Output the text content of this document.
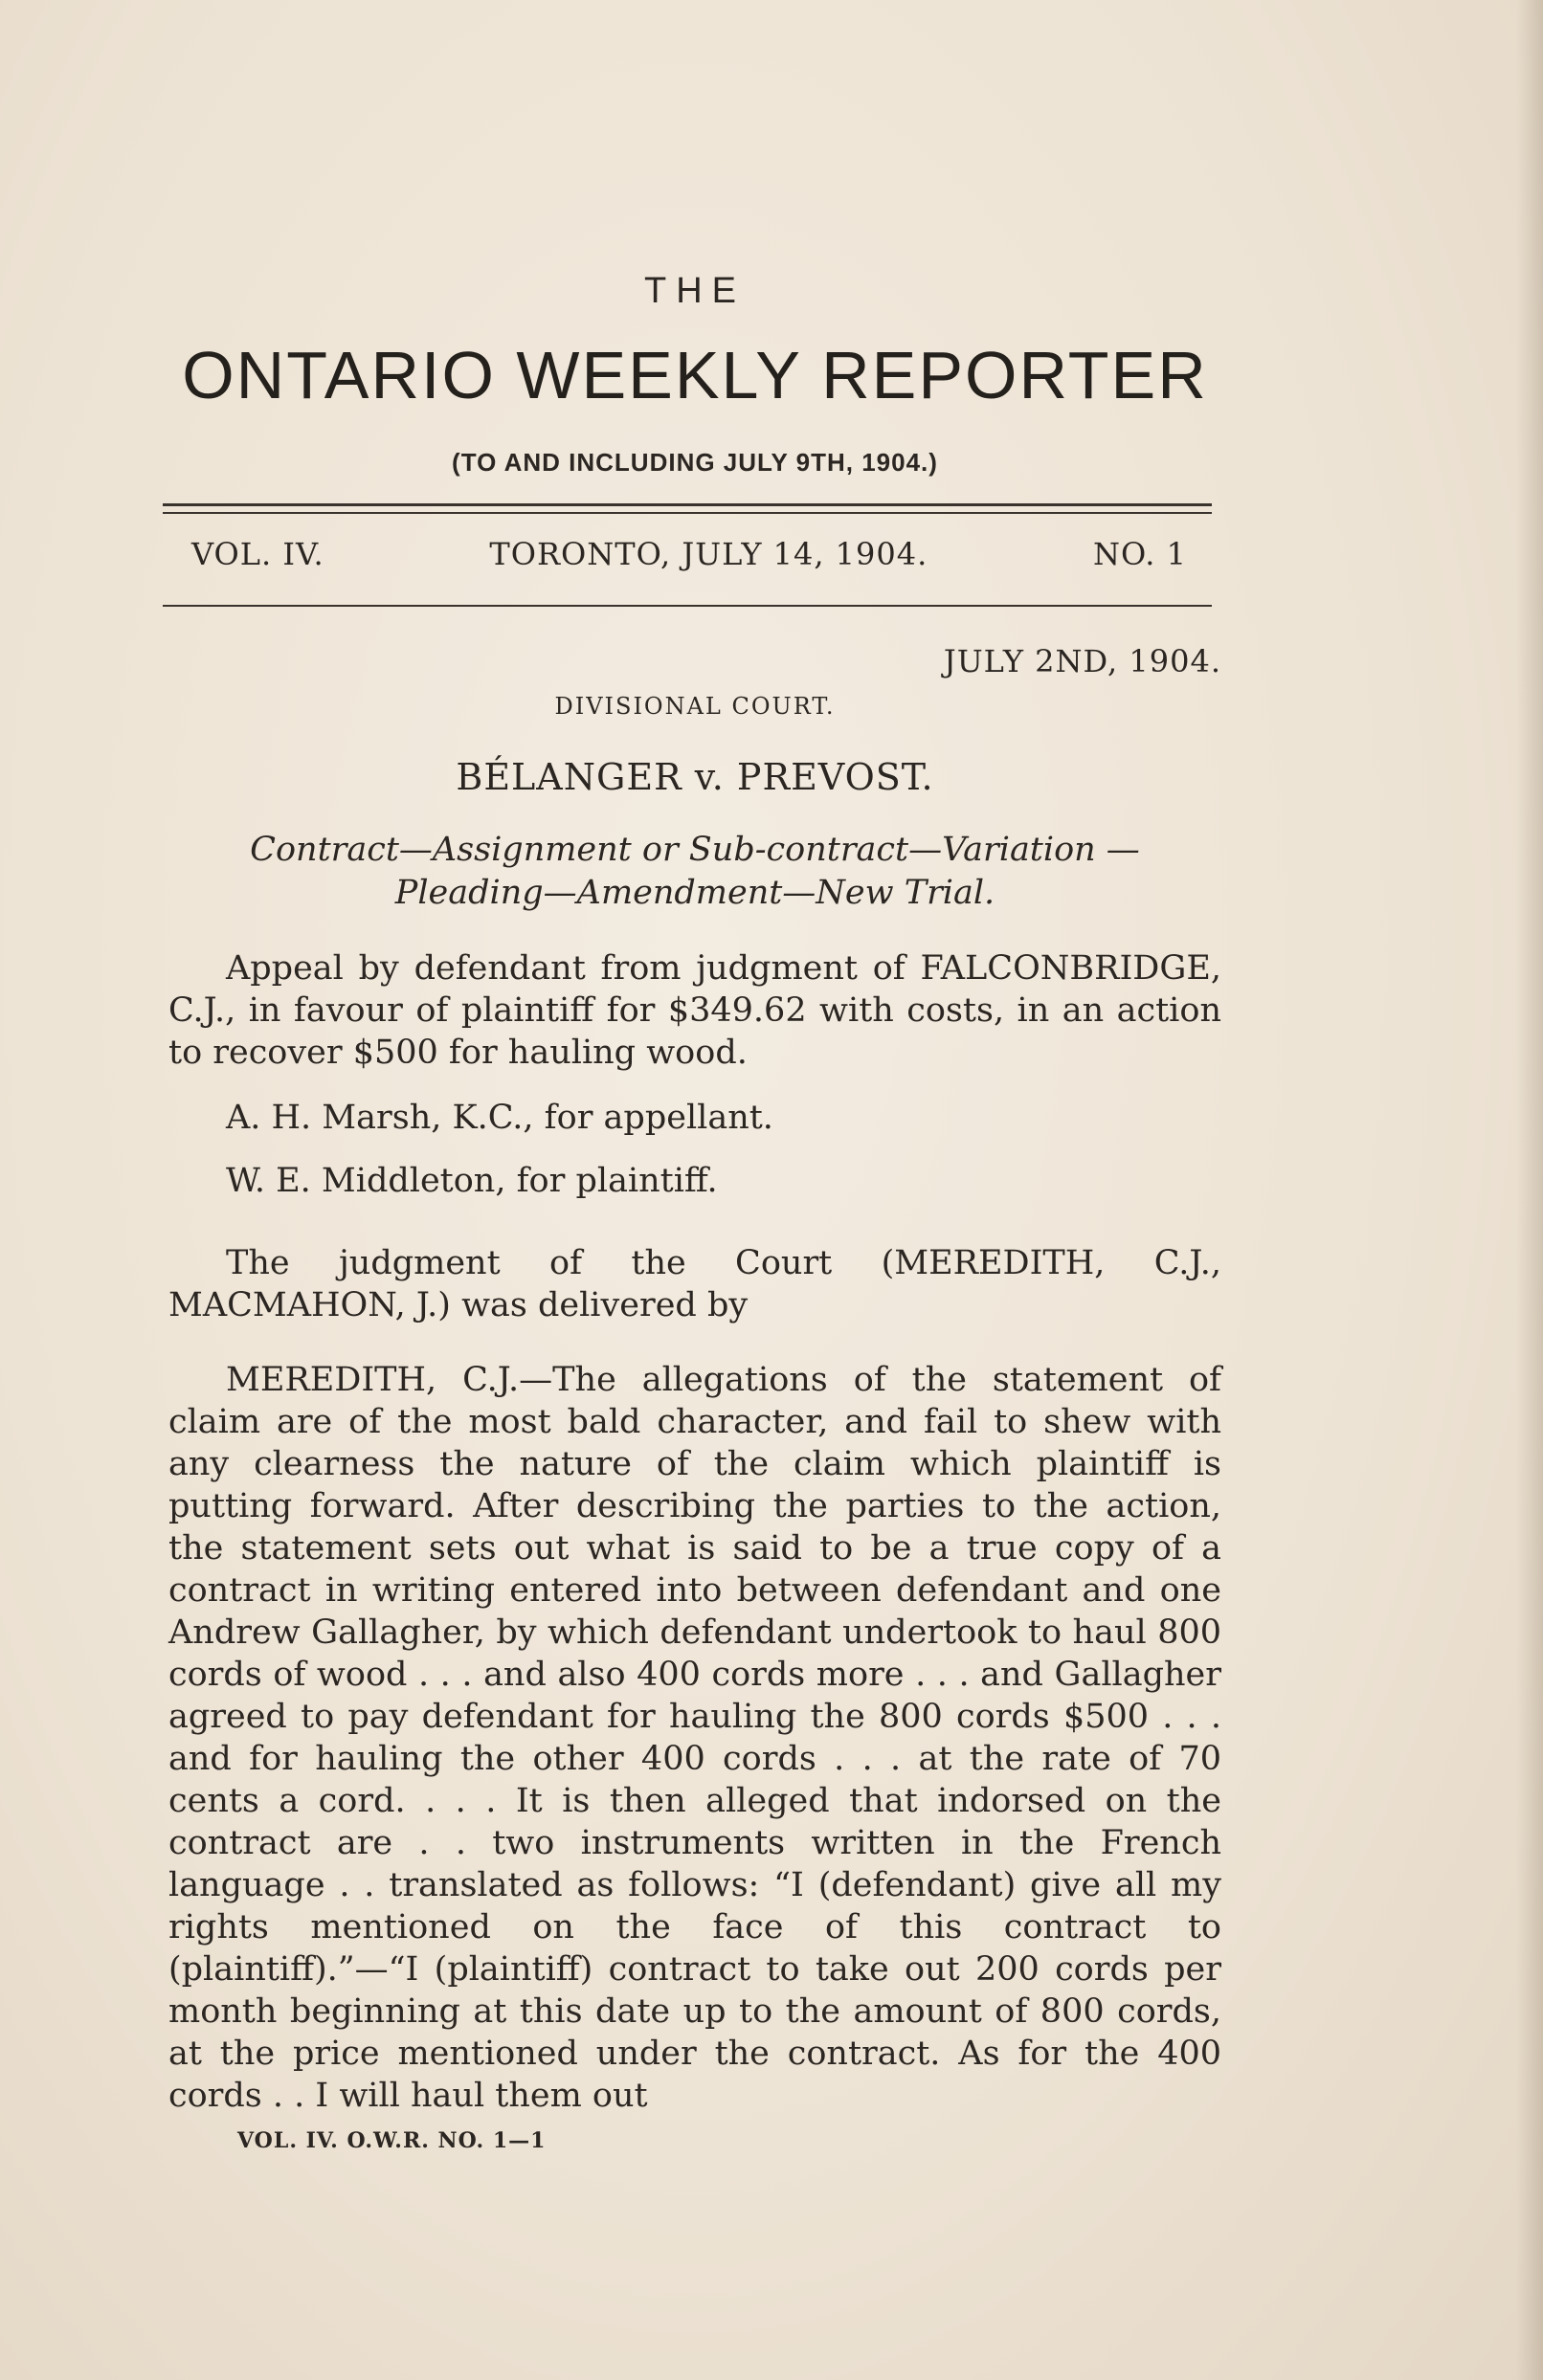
THE
ONTARIO WEEKLY REPORTER
(TO AND INCLUDING JULY 9TH, 1904.)
VOL. IV.	TORONTO, JULY 14, 1904.	NO. 1
JULY 2ND, 1904.
DIVISIONAL COURT.
BÉLANGER v. PREVOST.
Contract—Assignment or Sub-contract—Variation —Pleading—Amendment—New Trial.
Appeal by defendant from judgment of FALCONBRIDGE, C.J., in favour of plaintiff for $349.62 with costs, in an action to recover $500 for hauling wood.
A. H. Marsh, K.C., for appellant.
W. E. Middleton, for plaintiff.
The judgment of the Court (MEREDITH, C.J., MACMAHON, J.) was delivered by
MEREDITH, C.J.—The allegations of the statement of claim are of the most bald character, and fail to shew with any clearness the nature of the claim which plaintiff is putting forward. After describing the parties to the action, the statement sets out what is said to be a true copy of a contract in writing entered into between defendant and one Andrew Gallagher, by which defendant undertook to haul 800 cords of wood . . . and also 400 cords more . . . and Gallagher agreed to pay defendant for hauling the 800 cords $500 . . . and for hauling the other 400 cords . . . at the rate of 70 cents a cord. . . . It is then alleged that indorsed on the contract are . . two instruments written in the French language . . translated as follows: “I (defendant) give all my rights mentioned on the face of this contract to (plaintiff).”—“I (plaintiff) contract to take out 200 cords per month beginning at this date up to the amount of 800 cords, at the price mentioned under the contract. As for the 400 cords . . I will haul them out
VOL. IV. O.W.R. NO. 1—1
